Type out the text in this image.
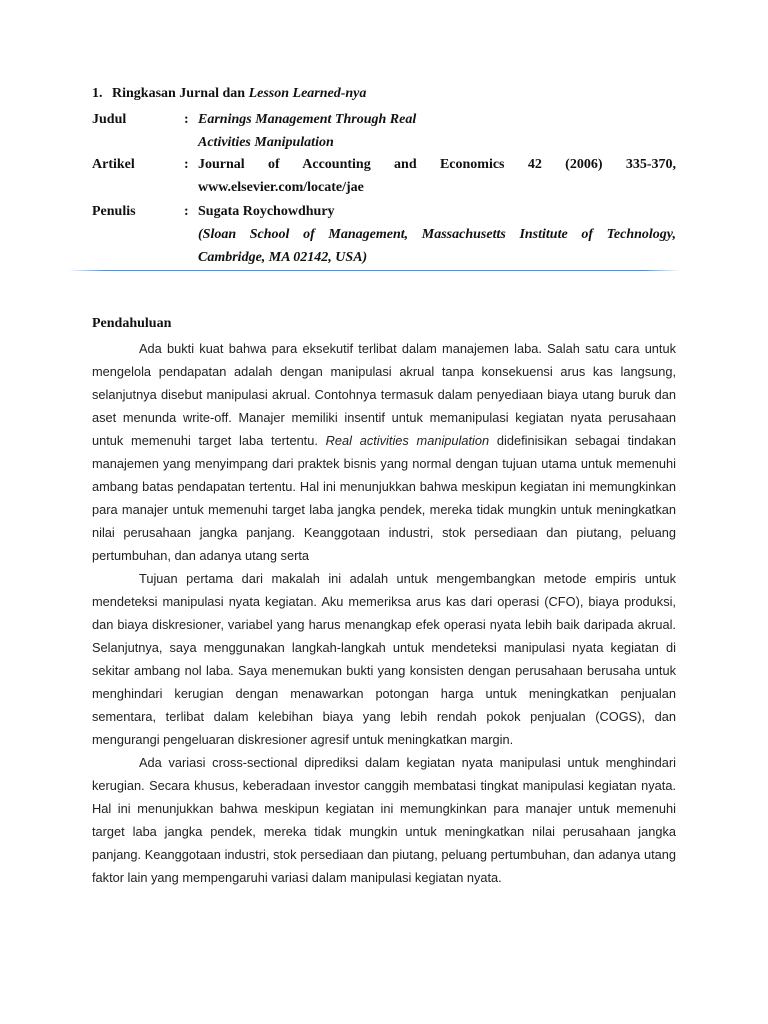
1. Ringkasan Jurnal dan Lesson Learned-nya
Judul	: Earnings Management Through Real
Activities Manipulation
Artikel	: Journal of Accounting and Economics 42 (2006) 335-370,
www.elsevier.com/locate/jae
Penulis	: Sugata Roychowdhury
(Sloan School of Management, Massachusetts Institute of Technology,
Cambridge, MA 02142, USA)
Pendahuluan

Ada bukti kuat bahwa para eksekutif terlibat dalam manajemen laba. Salah satu cara untuk mengelola pendapatan adalah dengan manipulasi akrual tanpa konsekuensi arus kas langsung, selanjutnya disebut manipulasi akrual. Contohnya termasuk dalam penyediaan biaya utang buruk dan aset menunda write-off. Manajer memiliki insentif untuk memanipulasi kegiatan nyata perusahaan untuk memenuhi target laba tertentu. Real activities manipulation didefinisikan sebagai tindakan manajemen yang menyimpang dari praktek bisnis yang normal dengan tujuan utama untuk memenuhi ambang batas pendapatan tertentu. Hal ini menunjukkan bahwa meskipun kegiatan ini memungkinkan para manajer untuk memenuhi target laba jangka pendek, mereka tidak mungkin untuk meningkatkan nilai perusahaan jangka panjang. Keanggotaan industri, stok persediaan dan piutang, peluang pertumbuhan, dan adanya utang serta

Tujuan pertama dari makalah ini adalah untuk mengembangkan metode empiris untuk mendeteksi manipulasi nyata kegiatan. Aku memeriksa arus kas dari operasi (CFO), biaya produksi, dan biaya diskresioner, variabel yang harus menangkap efek operasi nyata lebih baik daripada akrual. Selanjutnya, saya menggunakan langkah-langkah untuk mendeteksi manipulasi nyata kegiatan di sekitar ambang nol laba. Saya menemukan bukti yang konsisten dengan perusahaan berusaha untuk menghindari kerugian dengan menawarkan potongan harga untuk meningkatkan penjualan sementara, terlibat dalam kelebihan biaya yang lebih rendah pokok penjualan (COGS), dan mengurangi pengeluaran diskresioner agresif untuk meningkatkan margin.

Ada variasi cross-sectional diprediksi dalam kegiatan nyata manipulasi untuk menghindari kerugian. Secara khusus, keberadaan investor canggih membatasi tingkat manipulasi kegiatan nyata. Hal ini menunjukkan bahwa meskipun kegiatan ini memungkinkan para manajer untuk memenuhi target laba jangka pendek, mereka tidak mungkin untuk meningkatkan nilai perusahaan jangka panjang. Keanggotaan industri, stok persediaan dan piutang, peluang pertumbuhan, dan adanya utang faktor lain yang mempengaruhi variasi dalam manipulasi kegiatan nyata.
